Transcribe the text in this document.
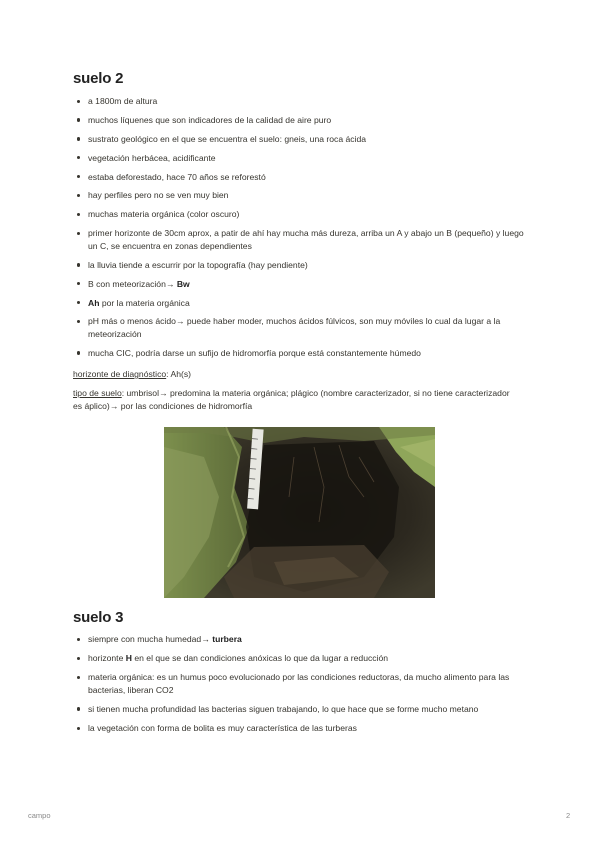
suelo 2
a 1800m de altura
muchos líquenes que son indicadores de la calidad de aire puro
sustrato geológico en el que se encuentra el suelo: gneis, una roca ácida
vegetación herbácea, acidificante
estaba deforestado, hace 70 años se reforestó
hay perfiles pero no se ven muy bien
muchas materia orgánica (color oscuro)
primer horizonte de 30cm aprox, a patir de ahí hay mucha más dureza, arriba un A y abajo un B (pequeño) y luego un C, se encuentra en zonas dependientes
la lluvia tiende a escurrir por la topografía (hay pendiente)
B con meteorización→ Bw
Ah por la materia orgánica
pH más o menos ácido→ puede haber moder, muchos ácidos fúlvicos, son muy móviles lo cual da lugar a la meteorización
mucha CIC, podría darse un sufijo de hidromorfía porque está constantemente húmedo
horizonte de diagnóstico: Ah(s)
tipo de suelo: umbrisol→ predomina la materia orgánica; plágico (nombre caracterizador, si no tiene caracterizador es áplico)→ por las condiciones de hidromorfía
suelo 3
siempre con mucha humedad→ turbera
horizonte H en el que se dan condiciones anóxicas lo que da lugar a reducción
materia orgánica: es un humus poco evolucionado por las condiciones reductoras, da mucho alimento para las bacterias, liberan CO2
si tienen mucha profundidad las bacterias siguen trabajando, lo que hace que se forme mucho metano
la vegetación con forma de bolita es muy característica de las turberas
campo	2
